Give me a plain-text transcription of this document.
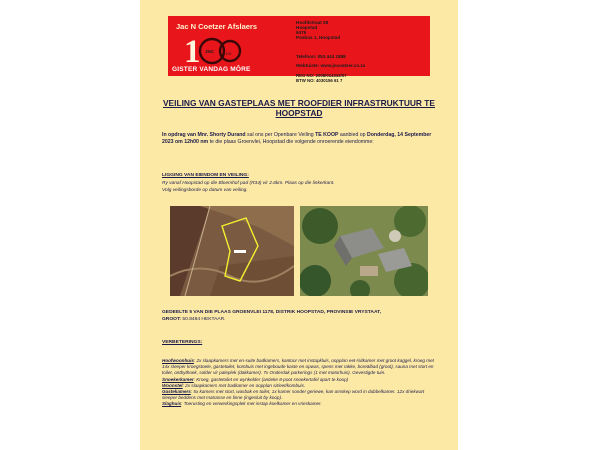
Jac N Coetzer Afslaers
1 JNC	100
GISTER VANDAG MÔRE
Hoofdstraat 38
Hoopstad
9479
Posbus 1, Hoopstad
Telefoon: 053 444 1888
Webtuiste: www.jncoetzer.co.za
REG NO: 2008/014332/07
BTW NO: 4030156 61 7
VEILING VAN GASTEPLAAS MET ROOFDIER INFRASTRUKTUUR TE HOOPSTAD
In opdrag van Mnr. Shorty Durand sal ons per Openbare Veiling TE KOOP aanbied op Donderdag, 14 September 2023 om 12h00 nm te die plaas Groenvlei, Hoopstad die volgende onroerende eiendomme:
LIGGING VAN EIENDOM EN VEILING:
Ry vanaf Hoopstad op die Bloemhof pad (R34) vir 2.6km. Plaas op die linkerkant.
Volg veilingsborde op datum van veiling.
GEDEELTE 5 VAN DIE PLAAS GROENVLEI 1178, DISTRIK HOOPSTAD, PROVINSIE VRYSTAAT,
GROOT: 50.8484 HEKTAAR.
VERBETERINGS:
Hoofwoonhuis: 2x slaapkamers met en-suite badkamers, kantoor met instapkluis, oopplan eet-/sitkamer met groot kaggel, kroeg met 14x sleeper kroegstoele, gastetoilet, kombuis met ingeboude kaste en opwas, spens met rakke, boreälbad (groot), sauna met stort en toilet, ontbythoek, solder vir paleplek (dakkamer). 7x Onderdak parkerings (1 met motorhuis). Gevestigde tuin.
Snoekerkamer: Kroeg, gastetoilet en wynkelder (antieke 8-poot snoekertafel apart te koop)
Woonstel: 2x slaapkamers met badkamer en oopplan sit/eet/kombuis.
Gastekamers: 5x kamers met stort, wasbak en toilet, 1x kamer sonder geriewe, kan omskep word in dubbelkamer. 12x driekwart sleeper beddens met matrasse en linne (ingesluit by koop).
Slaghuis: Toerusting en verwerkingsplek met instap koelkamer en vrieskamer.
